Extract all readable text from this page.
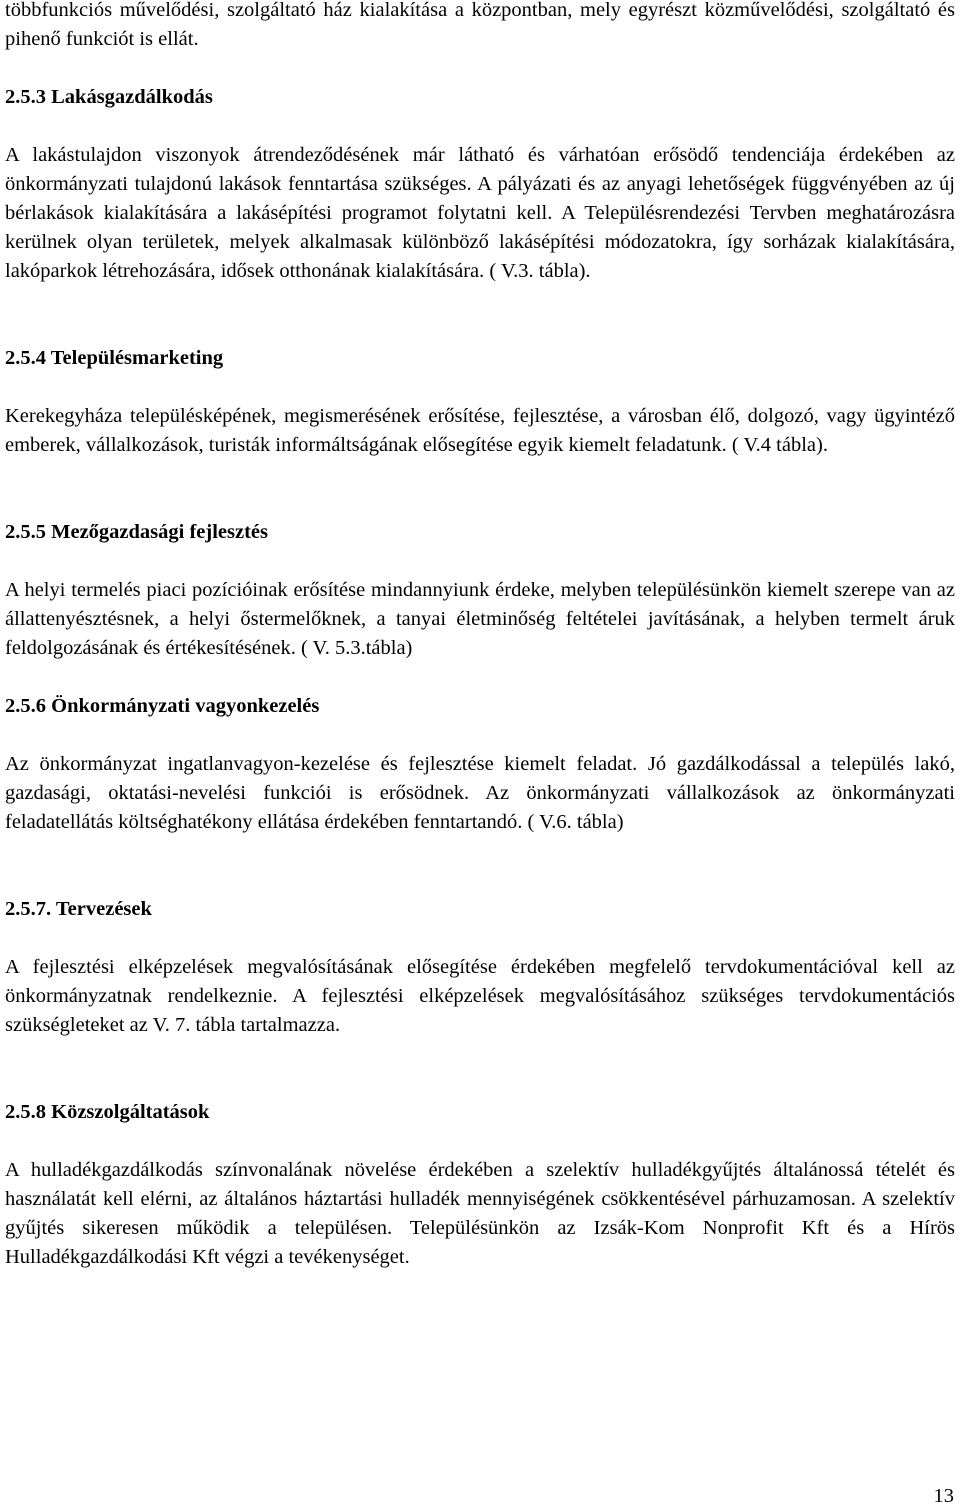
többfunkciós művelődési, szolgáltató ház kialakítása a központban, mely egyrészt közművelődési, szolgáltató és pihenő funkciót is ellát.

2.5.3 Lakásgazdálkodás

A lakástulajdon viszonyok átrendeződésének már látható és várhatóan erősödő tendenciája érdekében az önkormányzati tulajdonú lakások fenntartása szükséges. A pályázati és az anyagi lehetőségek függvényében az új bérlakások kialakítására a lakásépítési programot folytatni kell. A Településrendezési Tervben meghatározásra kerülnek olyan területek, melyek alkalmasak különböző lakásépítési módozatokra, így sorházak kialakítására, lakóparkok létrehozására, idősek otthonának kialakítására. ( V.3. tábla).

2.5.4 Településmarketing

Kerekegyháza településképének, megismerésének erősítése, fejlesztése, a városban élő, dolgozó, vagy ügyintéző emberek, vállalkozások, turisták informáltságának elősegítése egyik kiemelt feladatunk. ( V.4 tábla).

2.5.5 Mezőgazdasági fejlesztés

A helyi termelés piaci pozícióinak erősítése mindannyiunk érdeke, melyben településünkön kiemelt szerepe van az állattenyésztésnek, a helyi őstermelőknek, a tanyai életminőség feltételei javításának, a helyben termelt áruk feldolgozásának és értékesítésének. ( V. 5.3.tábla)

2.5.6 Önkormányzati vagyonkezelés

Az önkormányzat ingatlanvagyon-kezelése és fejlesztése kiemelt feladat. Jó gazdálkodással a település lakó, gazdasági, oktatási-nevelési funkciói is erősödnek. Az önkormányzati vállalkozások az önkormányzati feladatellátás költséghatékony ellátása érdekében fenntartandó. ( V.6. tábla)

2.5.7. Tervezések

A fejlesztési elképzelések megvalósításának elősegítése érdekében megfelelő tervdokumentációval kell az önkormányzatnak rendelkeznie. A fejlesztési elképzelések megvalósításához szükséges tervdokumentációs szükségleteket az V. 7. tábla tartalmazza.

2.5.8 Közszolgáltatások

A hulladékgazdálkodás színvonalának növelése érdekében a szelektív hulladékgyűjtés általánossá tételét és használatát kell elérni, az általános háztartási hulladék mennyiségének csökkentésével párhuzamosan. A szelektív gyűjtés sikeresen működik a településen. Településünkön az Izsák-Kom Nonprofit Kft és a Hírös Hulladékgazdálkodási Kft végzi a tevékenységet.

13
